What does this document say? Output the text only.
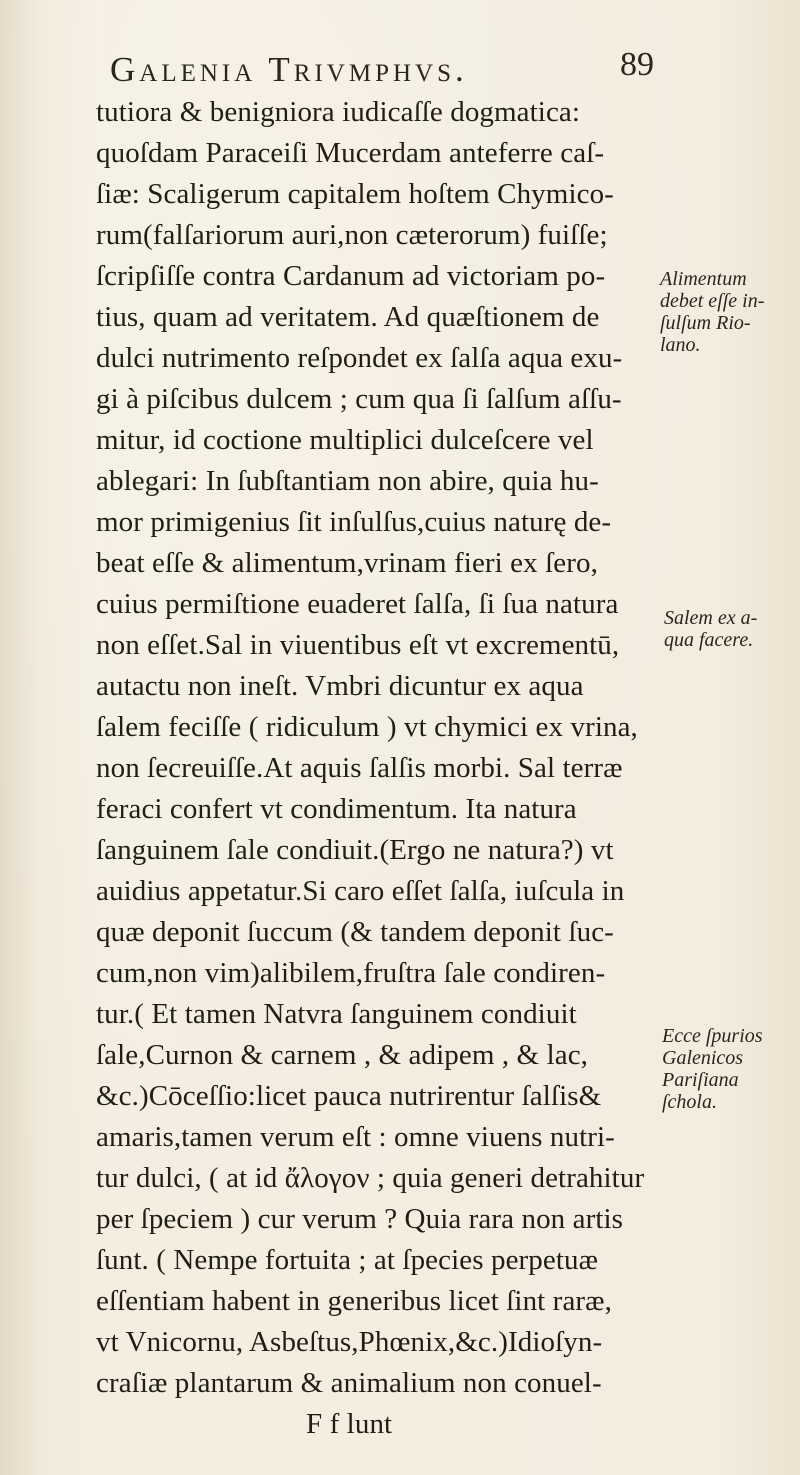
Galenia Trivmphvs.	89
tutiora & benigniora iudicaſſe dogmatica:
quoſdam Paraceiſi Mucerdam anteferre caſ-
ſiæ: Scaligerum capitalem hoſtem Chymico-
rum(falſariorum auri,non cæterorum) fuiſſe;
ſcripſiſſe contra Cardanum ad victoriam po-
tius, quam ad veritatem. Ad quæſtionem de
dulci nutrimento reſpondet ex ſalſa aqua exu-
gi à piſcibus dulcem ; cum qua ſi ſalſum aſſu-
mitur, id coctione multiplici dulceſcere vel
ablegari: In ſubſtantiam non abire, quia hu-
mor primigenius ſit inſulſus,cuius naturę de-
beat eſſe & alimentum,vrinam fieri ex ſero,
cuius permiſtione euaderet ſalſa, ſi ſua natura
non eſſet.Sal in viuentibus eſt vt excrementū,
autactu non ineſt. Vmbri dicuntur ex aqua
ſalem feciſſe ( ridiculum ) vt chymici ex vrina,
non ſecreuiſſe.At aquis ſalſis morbi. Sal terræ
feraci confert vt condimentum. Ita natura
ſanguinem ſale condiuit.(Ergo ne natura?) vt
auidius appetatur.Si caro eſſet ſalſa, iuſcula in
quæ deponit ſuccum (& tandem deponit ſuc-
cum,non vim)alibilem,fruſtra ſale condiren-
tur.( Et tamen Natvra ſanguinem condiuit
ſale,Curnon & carnem , & adipem , & lac,
&c.)Cōceſſio:licet pauca nutrirentur ſalſis&
amaris,tamen verum eſt : omne viuens nutri-
tur dulci, ( at id ἄλογον ; quia generi detrahitur
per ſpeciem ) cur verum ? Quia rara non artis
ſunt. ( Nempe fortuita ; at ſpecies perpetuæ
eſſentiam habent in generibus licet ſint raræ,
vt Vnicornu, Asbeſtus,Phœnix,&c.)Idioſyn-
craſiæ plantarum & animalium non conuel-
F f lunt
Alimentum
debet eſſe in-
ſulſum Rio-
lano.
Salem ex a-
qua facere.
Ecce ſpurios
Galenicos
Pariſiana
ſchola.
